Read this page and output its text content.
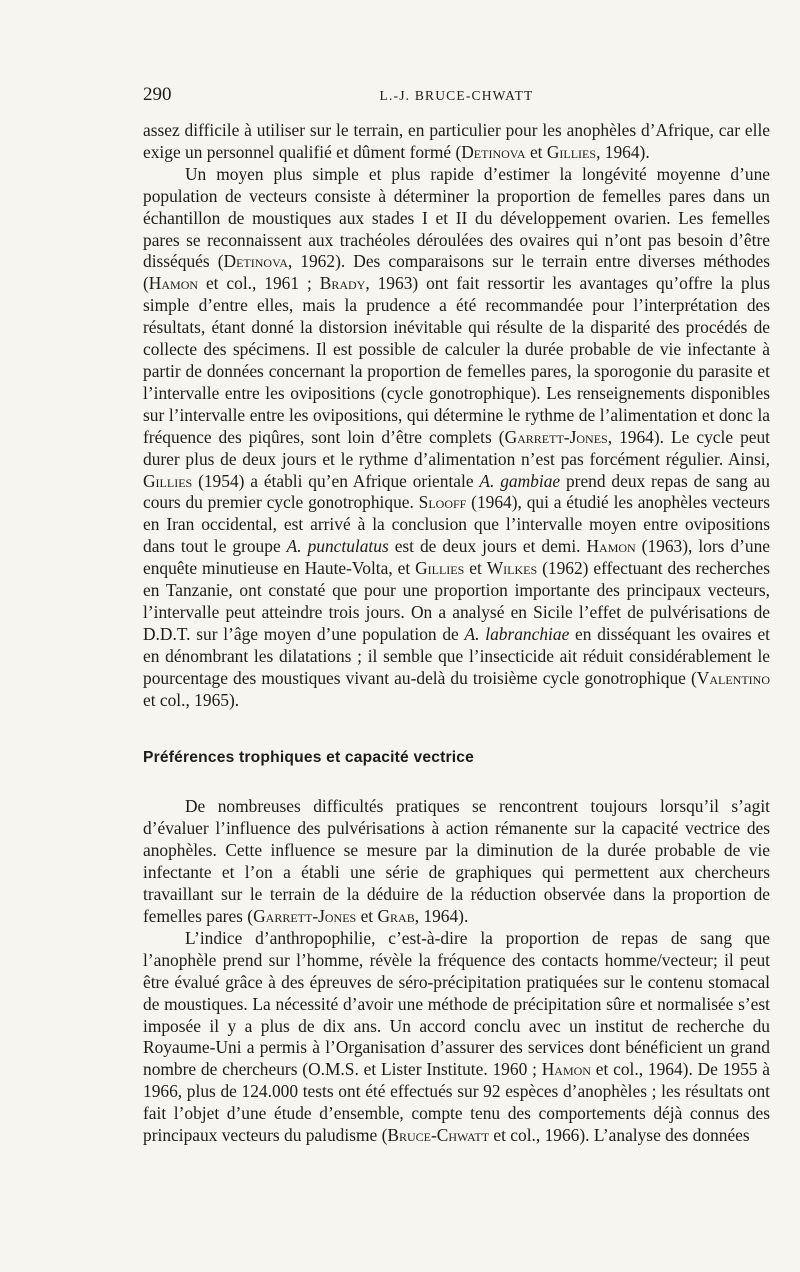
290	L.-J. BRUCE-CHWATT

assez difficile à utiliser sur le terrain, en particulier pour les anophèles d’Afrique, car elle exige un personnel qualifié et dûment formé (Detinova et Gillies, 1964).

Un moyen plus simple et plus rapide d’estimer la longévité moyenne d’une population de vecteurs consiste à déterminer la proportion de femelles pares dans un échantillon de moustiques aux stades I et II du développement ovarien. Les femelles pares se reconnaissent aux trachéoles déroulées des ovaires qui n’ont pas besoin d’être disséqués (Detinova, 1962). Des comparaisons sur le terrain entre diverses méthodes (Hamon et col., 1961 ; Brady, 1963) ont fait ressortir les avantages qu’offre la plus simple d’entre elles, mais la prudence a été recommandée pour l’interprétation des résultats, étant donné la distorsion inévitable qui résulte de la disparité des procédés de collecte des spécimens. Il est possible de calculer la durée probable de vie infectante à partir de données concernant la proportion de femelles pares, la sporogonie du parasite et l’intervalle entre les ovipositions (cycle gonotrophique). Les renseignements disponibles sur l’intervalle entre les ovipositions, qui détermine le rythme de l’alimentation et donc la fréquence des piqûres, sont loin d’être complets (Garrett-Jones, 1964). Le cycle peut durer plus de deux jours et le rythme d’alimentation n’est pas forcément régulier. Ainsi, Gillies (1954) a établi qu’en Afrique orientale A. gambiae prend deux repas de sang au cours du premier cycle gonotrophique. Slooff (1964), qui a étudié les anophèles vecteurs en Iran occidental, est arrivé à la conclusion que l’intervalle moyen entre ovipositions dans tout le groupe A. punctulatus est de deux jours et demi. Hamon (1963), lors d’une enquête minutieuse en Haute-Volta, et Gillies et Wilkes (1962) effectuant des recherches en Tanzanie, ont constaté que pour une proportion importante des principaux vecteurs, l’intervalle peut atteindre trois jours. On a analysé en Sicile l’effet de pulvérisations de D.D.T. sur l’âge moyen d’une population de A. labranchiae en disséquant les ovaires et en dénombrant les dilatations ; il semble que l’insecticide ait réduit considérablement le pourcentage des moustiques vivant au-delà du troisième cycle gonotrophique (Valentino et col., 1965).

Préférences trophiques et capacité vectrice

De nombreuses difficultés pratiques se rencontrent toujours lorsqu’il s’agit d’évaluer l’influence des pulvérisations à action rémanente sur la capacité vectrice des anophèles. Cette influence se mesure par la diminution de la durée probable de vie infectante et l’on a établi une série de graphiques qui permettent aux chercheurs travaillant sur le terrain de la déduire de la réduction observée dans la proportion de femelles pares (Garrett-Jones et Grab, 1964).

L’indice d’anthropophilie, c’est-à-dire la proportion de repas de sang que l’anophèle prend sur l’homme, révèle la fréquence des contacts homme/vecteur; il peut être évalué grâce à des épreuves de séro-précipitation pratiquées sur le contenu stomacal de moustiques. La nécessité d’avoir une méthode de précipitation sûre et normalisée s’est imposée il y a plus de dix ans. Un accord conclu avec un institut de recherche du Royaume-Uni a permis à l’Organisation d’assurer des services dont bénéficient un grand nombre de chercheurs (O.M.S. et Lister Institute. 1960 ; Hamon et col., 1964). De 1955 à 1966, plus de 124.000 tests ont été effectués sur 92 espèces d’anophèles ; les résultats ont fait l’objet d’une étude d’ensemble, compte tenu des comportements déjà connus des principaux vecteurs du paludisme (Bruce-Chwatt et col., 1966). L’analyse des données
